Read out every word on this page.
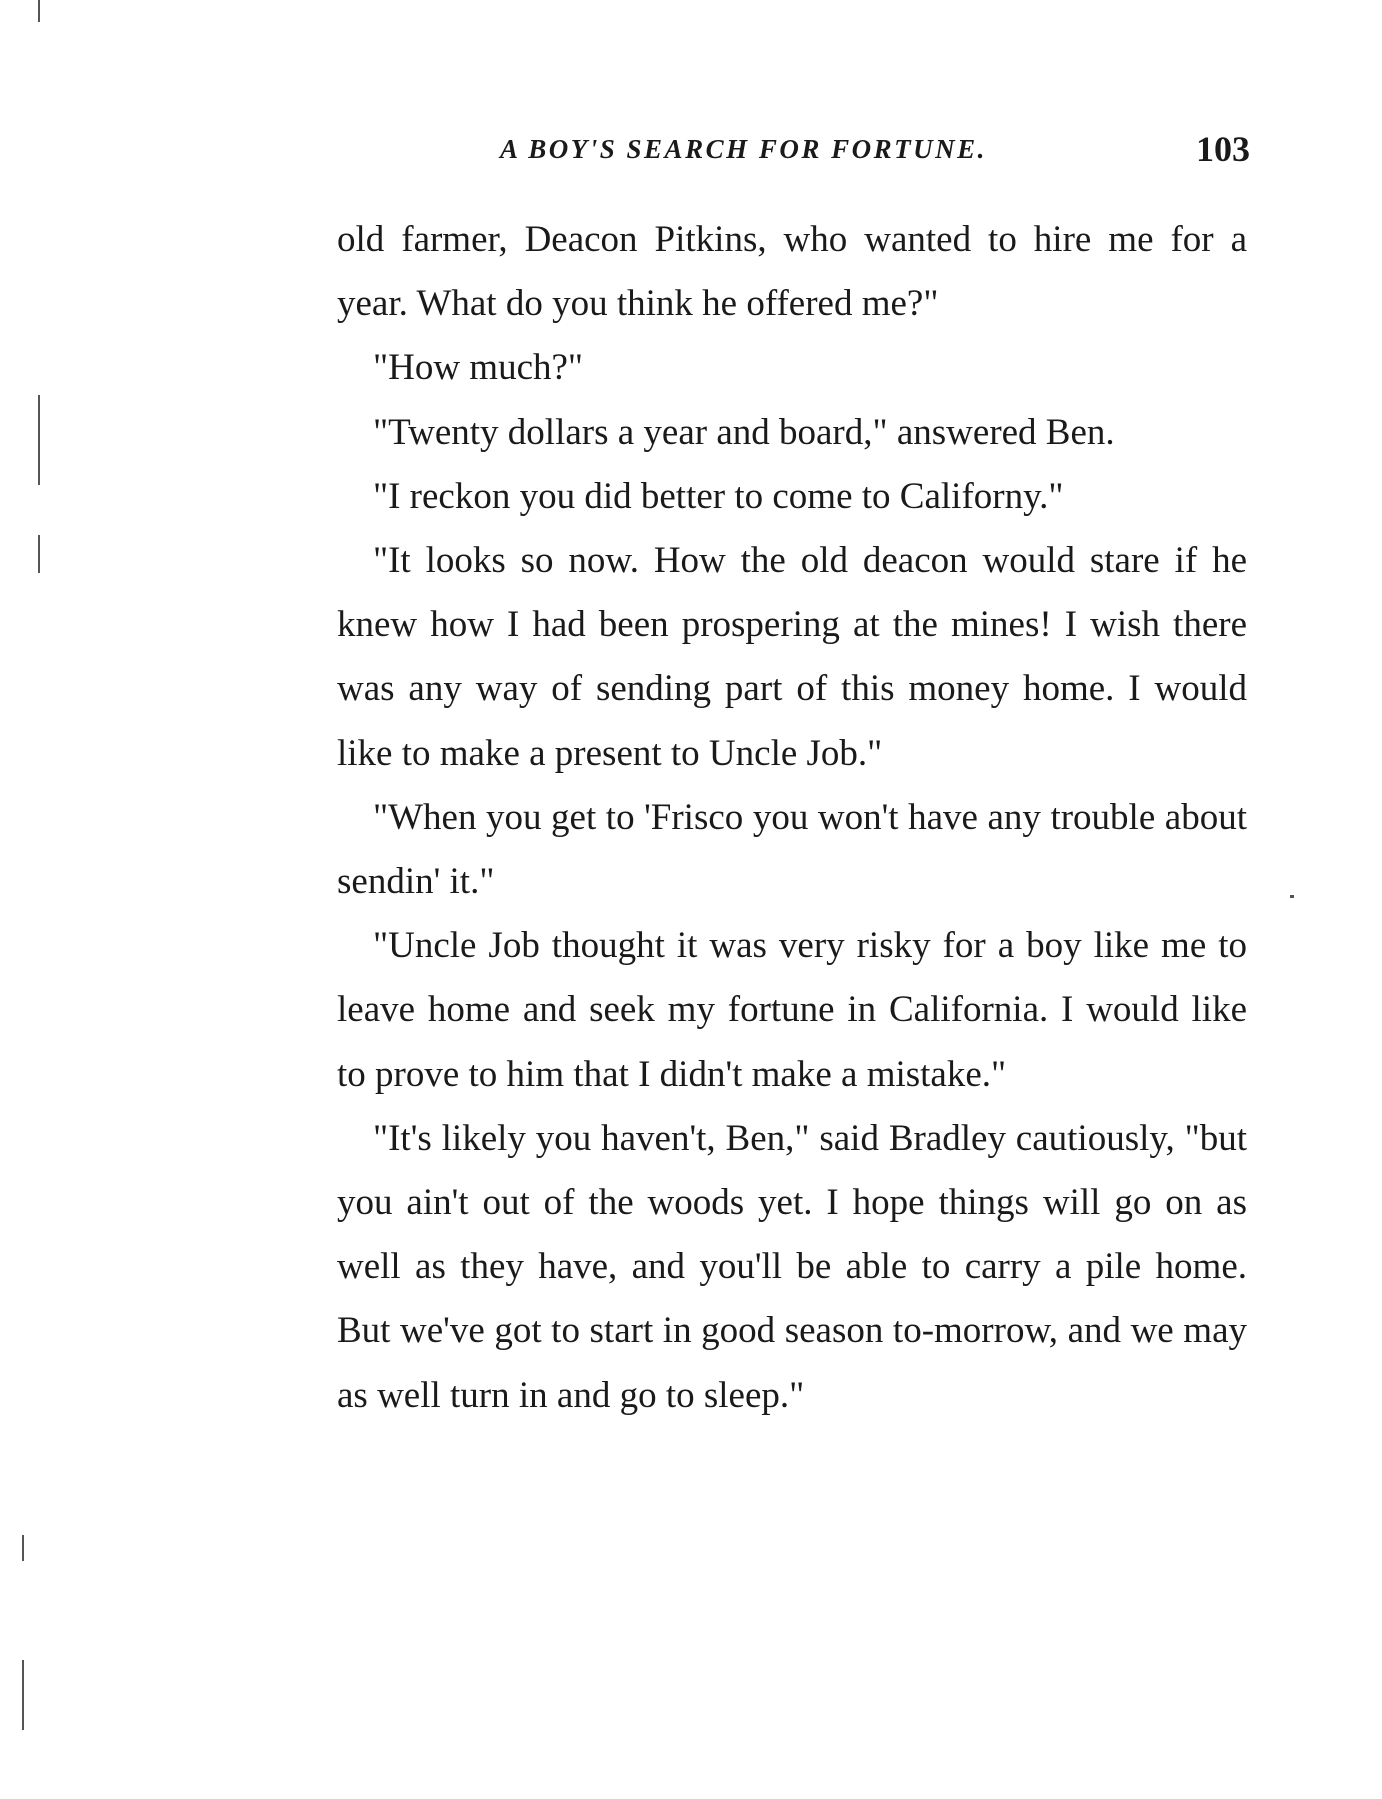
A BOY'S SEARCH FOR FORTUNE.	103

old farmer, Deacon Pitkins, who wanted to hire me for a year. What do you think he offered me?"

"How much?"

"Twenty dollars a year and board," answered Ben.

"I reckon you did better to come to Californy."

"It looks so now. How the old deacon would stare if he knew how I had been prospering at the mines! I wish there was any way of sending part of this money home. I would like to make a present to Uncle Job."

"When you get to 'Frisco you won't have any trouble about sendin' it."

"Uncle Job thought it was very risky for a boy like me to leave home and seek my fortune in California. I would like to prove to him that I didn't make a mistake."

"It's likely you haven't, Ben," said Bradley cautiously, "but you ain't out of the woods yet. I hope things will go on as well as they have, and you'll be able to carry a pile home. But we've got to start in good season to-morrow, and we may as well turn in and go to sleep."
